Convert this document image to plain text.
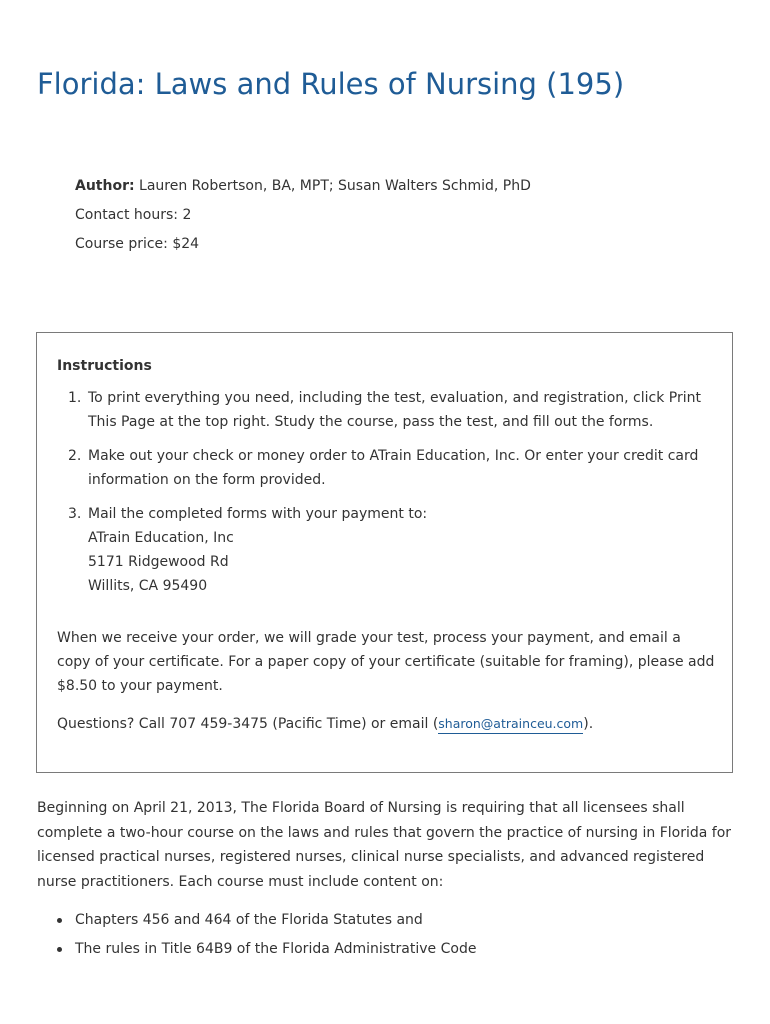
Florida: Laws and Rules of Nursing (195)
Author: Lauren Robertson, BA, MPT; Susan Walters Schmid, PhD
Contact hours: 2
Course price: $24

Instructions

1. To print everything you need, including the test, evaluation, and registration, click Print This Page at the top right. Study the course, pass the test, and fill out the forms.
2. Make out your check or money order to ATrain Education, Inc. Or enter your credit card information on the form provided.
3. Mail the completed forms with your payment to:
ATrain Education, Inc
5171 Ridgewood Rd
Willits, CA 95490

When we receive your order, we will grade your test, process your payment, and email a copy of your certificate. For a paper copy of your certificate (suitable for framing), please add $8.50 to your payment.

Questions? Call 707 459-3475 (Pacific Time) or email (sharon@atrainceu.com).

Beginning on April 21, 2013, The Florida Board of Nursing is requiring that all licensees shall complete a two-hour course on the laws and rules that govern the practice of nursing in Florida for licensed practical nurses, registered nurses, clinical nurse specialists, and advanced registered nurse practitioners. Each course must include content on:

Chapters 456 and 464 of the Florida Statutes and
The rules in Title 64B9 of the Florida Administrative Code
